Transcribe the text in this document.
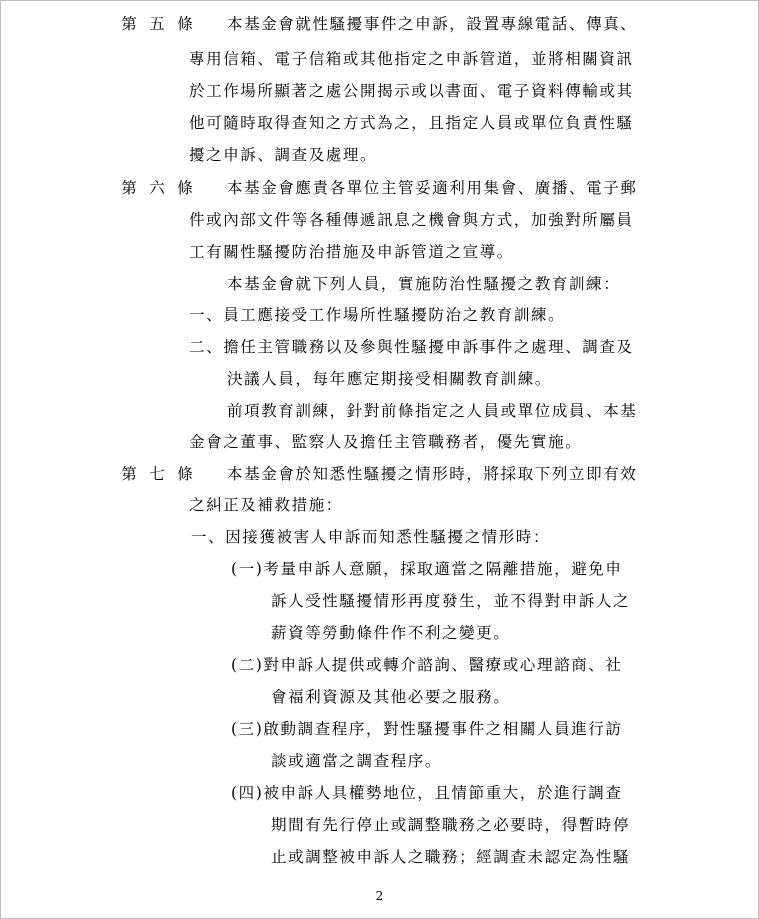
第 五 條 本基金會就性騷擾事件之申訴，設置專線電話、傳真、
專用信箱、電子信箱或其他指定之申訴管道，並將相關資訊
於工作場所顯著之處公開揭示或以書面、電子資料傳輸或其
他可隨時取得查知之方式為之，且指定人員或單位負責性騷
擾之申訴、調查及處理。
第 六 條 本基金會應責各單位主管妥適利用集會、廣播、電子郵
件或內部文件等各種傳遞訊息之機會與方式，加強對所屬員
工有關性騷擾防治措施及申訴管道之宣導。
本基金會就下列人員，實施防治性騷擾之教育訓練：
一、員工應接受工作場所性騷擾防治之教育訓練。
二、擔任主管職務以及參與性騷擾申訴事件之處理、調查及
決議人員，每年應定期接受相關教育訓練。
前項教育訓練，針對前條指定之人員或單位成員、本基
金會之董事、監察人及擔任主管職務者，優先實施。
第 七 條 本基金會於知悉性騷擾之情形時，將採取下列立即有效
之糾正及補救措施：
一、因接獲被害人申訴而知悉性騷擾之情形時：
(一)考量申訴人意願，採取適當之隔離措施，避免申
訴人受性騷擾情形再度發生，並不得對申訴人之
薪資等勞動條件作不利之變更。
(二)對申訴人提供或轉介諮詢、醫療或心理諮商、社
會福利資源及其他必要之服務。
(三)啟動調查程序，對性騷擾事件之相關人員進行訪
談或適當之調查程序。
(四)被申訴人具權勢地位，且情節重大，於進行調查
期間有先行停止或調整職務之必要時，得暫時停
止或調整被申訴人之職務；經調查未認定為性騷
2
